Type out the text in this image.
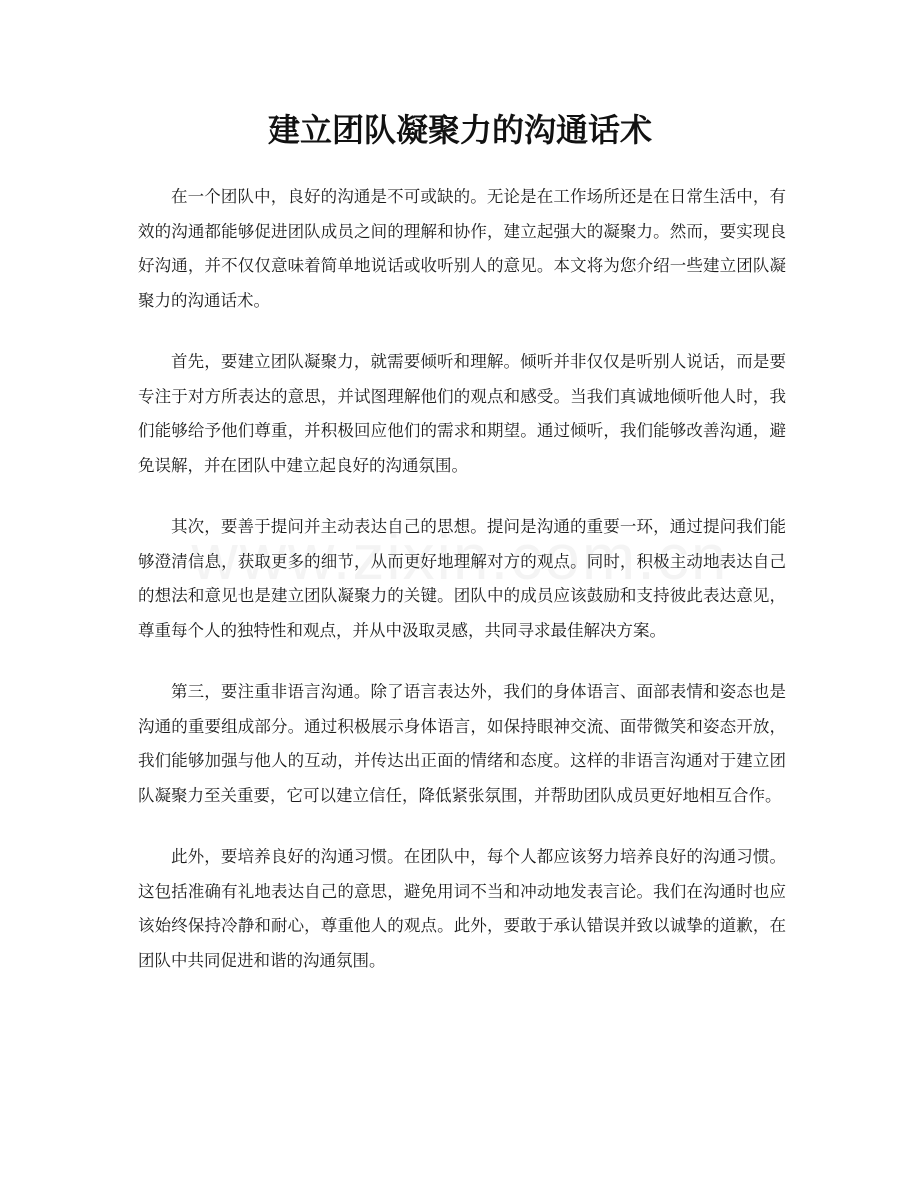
建立团队凝聚力的沟通话术

在一个团队中，良好的沟通是不可或缺的。无论是在工作场所还是在日常生活中，有效的沟通都能够促进团队成员之间的理解和协作，建立起强大的凝聚力。然而，要实现良好沟通，并不仅仅意味着简单地说话或收听别人的意见。本文将为您介绍一些建立团队凝聚力的沟通话术。

首先，要建立团队凝聚力，就需要倾听和理解。倾听并非仅仅是听别人说话，而是要专注于对方所表达的意思，并试图理解他们的观点和感受。当我们真诚地倾听他人时，我们能够给予他们尊重，并积极回应他们的需求和期望。通过倾听，我们能够改善沟通，避免误解，并在团队中建立起良好的沟通氛围。

其次，要善于提问并主动表达自己的思想。提问是沟通的重要一环，通过提问我们能够澄清信息，获取更多的细节，从而更好地理解对方的观点。同时，积极主动地表达自己的想法和意见也是建立团队凝聚力的关键。团队中的成员应该鼓励和支持彼此表达意见，尊重每个人的独特性和观点，并从中汲取灵感，共同寻求最佳解决方案。

第三，要注重非语言沟通。除了语言表达外，我们的身体语言、面部表情和姿态也是沟通的重要组成部分。通过积极展示身体语言，如保持眼神交流、面带微笑和姿态开放，我们能够加强与他人的互动，并传达出正面的情绪和态度。这样的非语言沟通对于建立团队凝聚力至关重要，它可以建立信任，降低紧张氛围，并帮助团队成员更好地相互合作。

此外，要培养良好的沟通习惯。在团队中，每个人都应该努力培养良好的沟通习惯。这包括准确有礼地表达自己的意思，避免用词不当和冲动地发表言论。我们在沟通时也应该始终保持冷静和耐心，尊重他人的观点。此外，要敢于承认错误并致以诚挚的道歉，在团队中共同促进和谐的沟通氛围。
